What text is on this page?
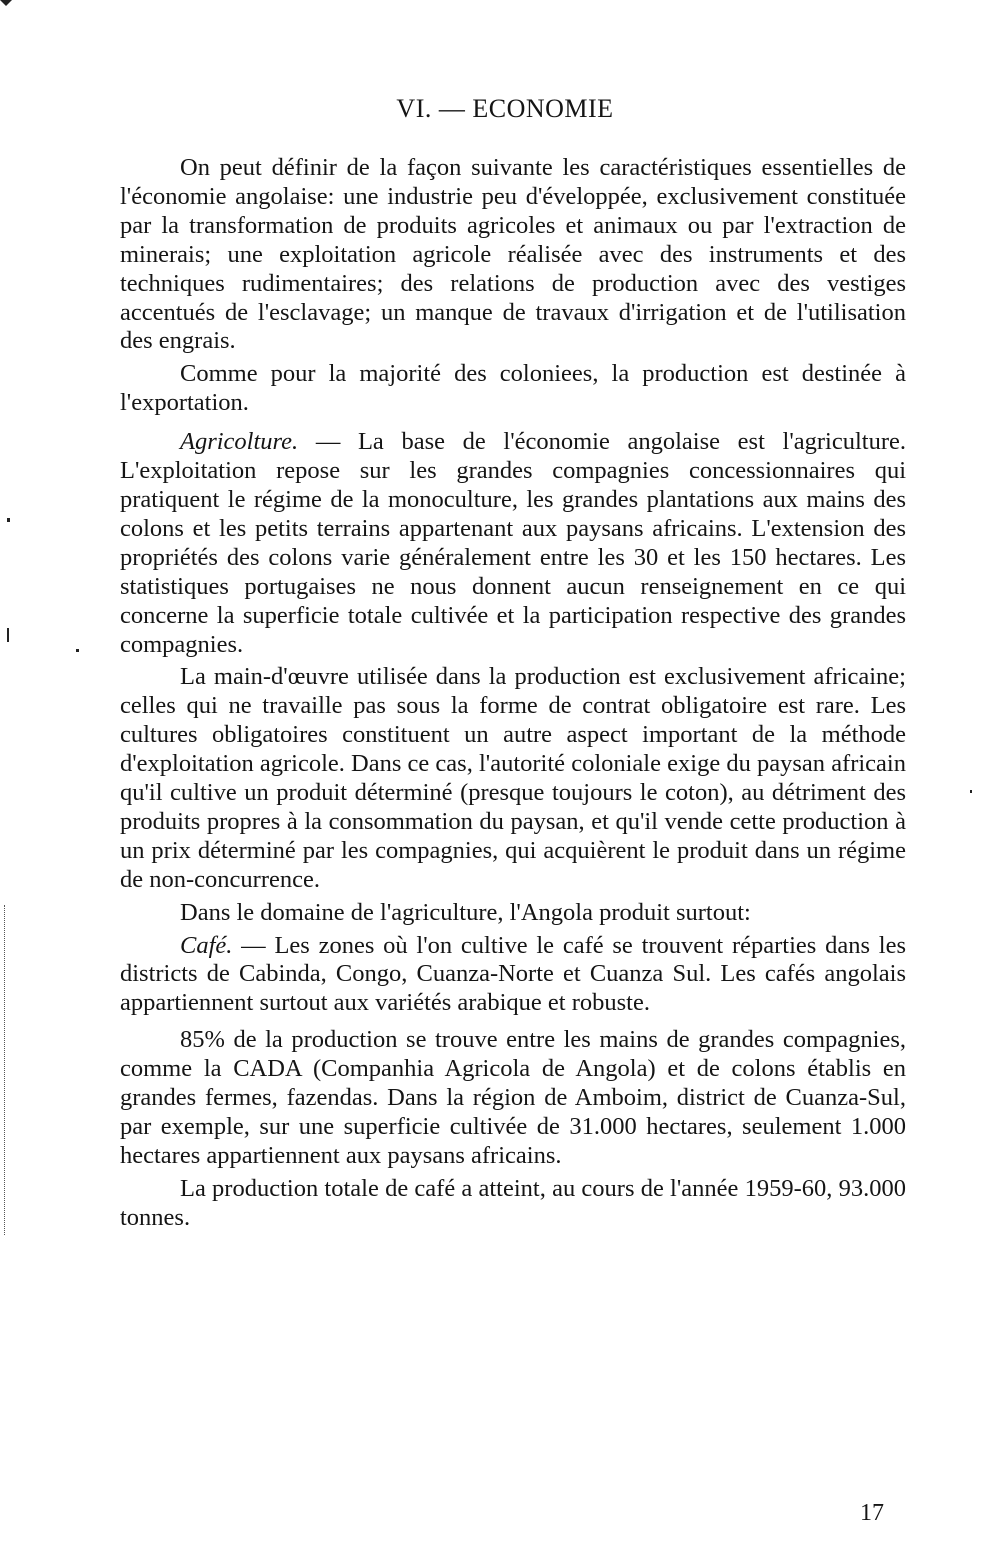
VI. — ECONOMIE

On peut définir de la façon suivante les caractéristiques essentielles de l'économie angolaise: une industrie peu d'éveloppée, exclusivement constituée par la transformation de produits agricoles et animaux ou par l'extraction de minerais; une exploitation agricole réalisée avec des instruments et des techniques rudimentaires; des relations de production avec des vestiges accentués de l'esclavage; un manque de travaux d'irrigation et de l'utilisation des engrais.

Comme pour la majorité des coloniees, la production est destinée à l'exportation.

Agricolture. — La base de l'économie angolaise est l'agriculture. L'exploitation repose sur les grandes compagnies concessionnaires qui pratiquent le régime de la monoculture, les grandes plantations aux mains des colons et les petits terrains appartenant aux paysans africains. L'extension des propriétés des colons varie généralement entre les 30 et les 150 hectares. Les statistiques portugaises ne nous donnent aucun renseignement en ce qui concerne la superficie totale cultivée et la participation respective des grandes compagnies.

La main-d'œuvre utilisée dans la production est exclusivement africaine; celles qui ne travaille pas sous la forme de contrat obligatoire est rare. Les cultures obligatoires constituent un autre aspect important de la méthode d'exploitation agricole. Dans ce cas, l'autorité coloniale exige du paysan africain qu'il cultive un produit déterminé (presque toujours le coton), au détriment des produits propres à la consommation du paysan, et qu'il vende cette production à un prix déterminé par les compagnies, qui acquièrent le produit dans un régime de non-concurrence.

Dans le domaine de l'agriculture, l'Angola produit surtout:

Café. — Les zones où l'on cultive le café se trouvent réparties dans les districts de Cabinda, Congo, Cuanza-Norte et Cuanza Sul. Les cafés angolais appartiennent surtout aux variétés arabique et robuste.

85% de la production se trouve entre les mains de grandes compagnies, comme la CADA (Companhia Agricola de Angola) et de colons établis en grandes fermes, fazendas. Dans la région de Amboim, district de Cuanza-Sul, par exemple, sur une superficie cultivée de 31.000 hectares, seulement 1.000 hectares appartiennent aux paysans africains.

La production totale de café a atteint, au cours de l'année 1959-60, 93.000 tonnes.

17
